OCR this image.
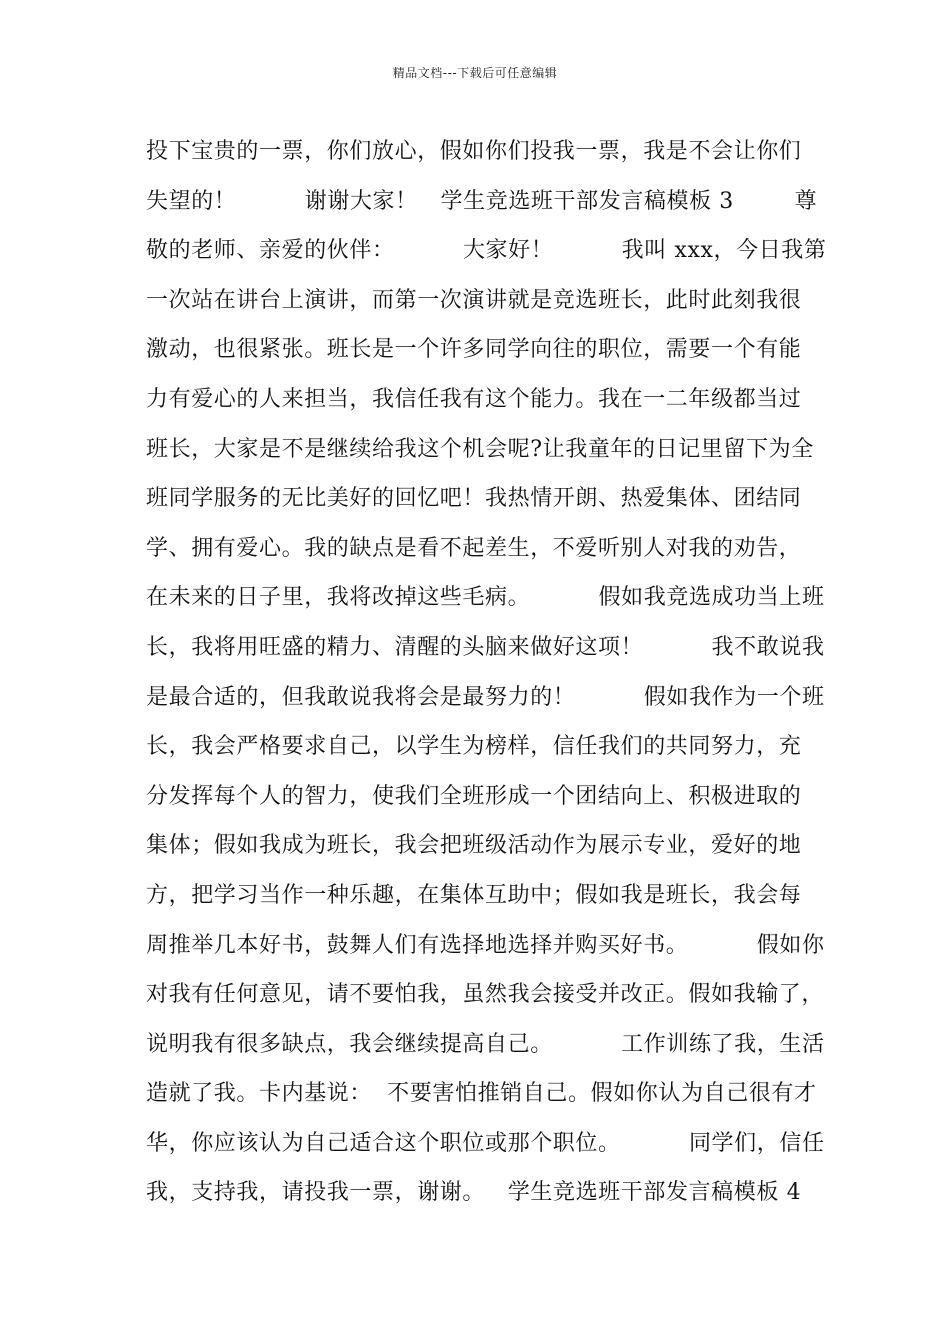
精品文档---下载后可任意编辑
投下宝贵的一票，你们放心，假如你们投我一票，我是不会让你们
失望的！         谢谢大家！   学生竞选班干部发言稿模板 3        尊
敬的老师、亲爱的伙伴：         大家好！         我叫 xxx，今日我第
一次站在讲台上演讲，而第一次演讲就是竞选班长，此时此刻我很
激动，也很紧张。班长是一个许多同学向往的职位，需要一个有能
力有爱心的人来担当，我信任我有这个能力。我在一二年级都当过
班长，大家是不是继续给我这个机会呢?让我童年的日记里留下为全
班同学服务的无比美好的回忆吧！我热情开朗、热爱集体、团结同
学、拥有爱心。我的缺点是看不起差生，不爱听别人对我的劝告，
在未来的日子里，我将改掉这些毛病。         假如我竞选成功当上班
长，我将用旺盛的精力、清醒的头脑来做好这项！         我不敢说我
是最合适的，但我敢说我将会是最努力的！         假如我作为一个班
长，我会严格要求自己，以学生为榜样，信任我们的共同努力，充
分发挥每个人的智力，使我们全班形成一个团结向上、积极进取的
集体；假如我成为班长，我会把班级活动作为展示专业，爱好的地
方，把学习当作一种乐趣，在集体互助中；假如我是班长，我会每
周推举几本好书，鼓舞人们有选择地选择并购买好书。         假如你
对我有任何意见，请不要怕我，虽然我会接受并改正。假如我输了，
说明我有很多缺点，我会继续提高自己。         工作训练了我，生活
造就了我。卡内基说：  不要害怕推销自己。假如你认为自己很有才
华，你应该认为自己适合这个职位或那个职位。         同学们，信任
我，支持我，请投我一票，谢谢。   学生竞选班干部发言稿模板 4
